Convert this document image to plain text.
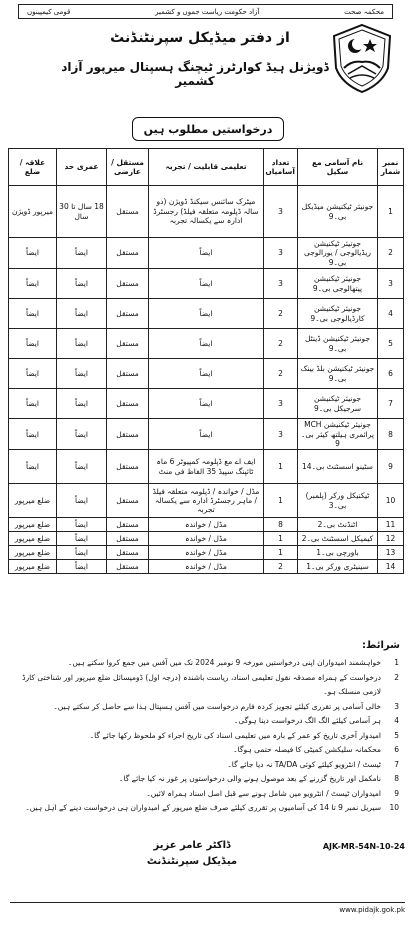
محکمہ صحت
آزاد حکومت ریاست جموں و کشمیر
قومی کیمپینوں
از دفتر میڈیکل سپرنٹنڈنٹ
ڈویژنل ہیڈ کوارٹرز ٹیچنگ ہسپتال میرپور آزاد کشمیر
درخواستیں مطلوب ہیں
نمبر شمار	نام آسامی مع سکیل	تعداد آسامیاں	تعلیمی قابلیت / تجربہ	مستقل / عارضی	عمری حد	علاقہ / ضلع
1	جونیئر ٹیکنیشن میڈیکل بی۔9	3	میٹرک سائنس سیکنڈ ڈویژن (دو سالہ ڈپلومہ متعلقہ فیلڈ) رجسٹرڈ ادارہ سے یکسالہ تجربہ	مستقل	18 سال تا 30 سال	میرپور ڈویژن
2	جونیئر ٹیکنیشن ریڈیالوجی / یورالوجی بی۔9	3	ایضاً	مستقل	ایضاً	ایضاً
3	جونیئر ٹیکنیشن پیتھالوجی بی۔9	3	ایضاً	مستقل	ایضاً	ایضاً
4	جونیئر ٹیکنیشن کارڈیالوجی بی۔9	2	ایضاً	مستقل	ایضاً	ایضاً
5	جونیئر ٹیکنیشن ڈینٹل بی۔9	2	ایضاً	مستقل	ایضاً	ایضاً
6	جونیئر ٹیکنیشن بلڈ بینک بی۔9	2	ایضاً	مستقل	ایضاً	ایضاً
7	جونیئر ٹیکنیشن سرجیکل بی۔9	3	ایضاً	مستقل	ایضاً	ایضاً
8	جونیئر ٹیکنیشن MCH پرائمری ہیلتھ کیئر بی۔9	3	ایضاً	مستقل	ایضاً	ایضاً
9	سٹینو اسسٹنٹ بی۔14	1	ایف اے مع ڈپلومہ کمپیوٹر 6 ماہ ٹائپنگ سپیڈ 35 الفاظ فی منٹ	مستقل	ایضاً	ایضاً
10	ٹیکنیکل ورکر (پلمبر) بی۔3	1	مڈل / خواندہ / ڈپلومہ متعلقہ فیلڈ / ماہر رجسٹرڈ ادارہ سے یکسالہ تجربہ	مستقل	ایضاً	ضلع میرپور
11	اٹنڈنٹ بی۔2	8	مڈل / خواندہ	مستقل	ایضاً	ضلع میرپور
12	کیمیکل اسسٹنٹ بی۔2	1	مڈل / خواندہ	مستقل	ایضاً	ضلع میرپور
13	باورچی بی۔1	1	مڈل / خواندہ	مستقل	ایضاً	ضلع میرپور
14	سینیٹری ورکر بی۔1	2	مڈل / خواندہ	مستقل	ایضاً	ضلع میرپور
شرائط:
1
خواہشمند امیدواران اپنی درخواستیں مورخہ 9 نومبر 2024 تک میں آفس میں جمع کروا سکتے ہیں۔
2
درخواست کے ہمراہ مصدقہ نقول تعلیمی اسناد، ریاست باشندہ (درجہ اول) ڈومیسائل ضلع میرپور اور شناختی کارڈ لازمی منسلک ہو۔
3
خالی آسامی پر تقرری کیلئے تجویز کردہ فارم درخواست میں آفس ہسپتال ہذا سے حاصل کر سکتے ہیں۔
4
ہر آسامی کیلئے الگ الگ درخواست دینا ہوگی۔
5
امیدوار آخری تاریخ کو عمر کے بارہ میں تعلیمی اسناد کی تاریخ اجراء کو ملحوظ رکھا جائے گا۔
6
محکمانہ سلیکشن کمیٹی کا فیصلہ حتمی ہوگا۔
7
ٹیسٹ / انٹرویو کیلئے کوئی TA/DA نہ دیا جائے گا۔
8
نامکمل اور تاریخ گزرنے کے بعد موصول ہونے والی درخواستوں پر غور نہ کیا جائے گا۔
9
امیدواران ٹیسٹ / انٹرویو میں شامل ہونے سے قبل اصل اسناد ہمراہ لائیں۔
10
سیریل نمبر 9 تا 14 کی آسامیوں پر تقرری کیلئے صرف ضلع میرپور کے امیدواران ہی درخواست دینے کے اہل ہیں۔
AJK-MR-54N-10-24
ڈاکٹر عامر عزیز
میڈیکل سپرنٹنڈنٹ
www.pidajk.gok.pk
